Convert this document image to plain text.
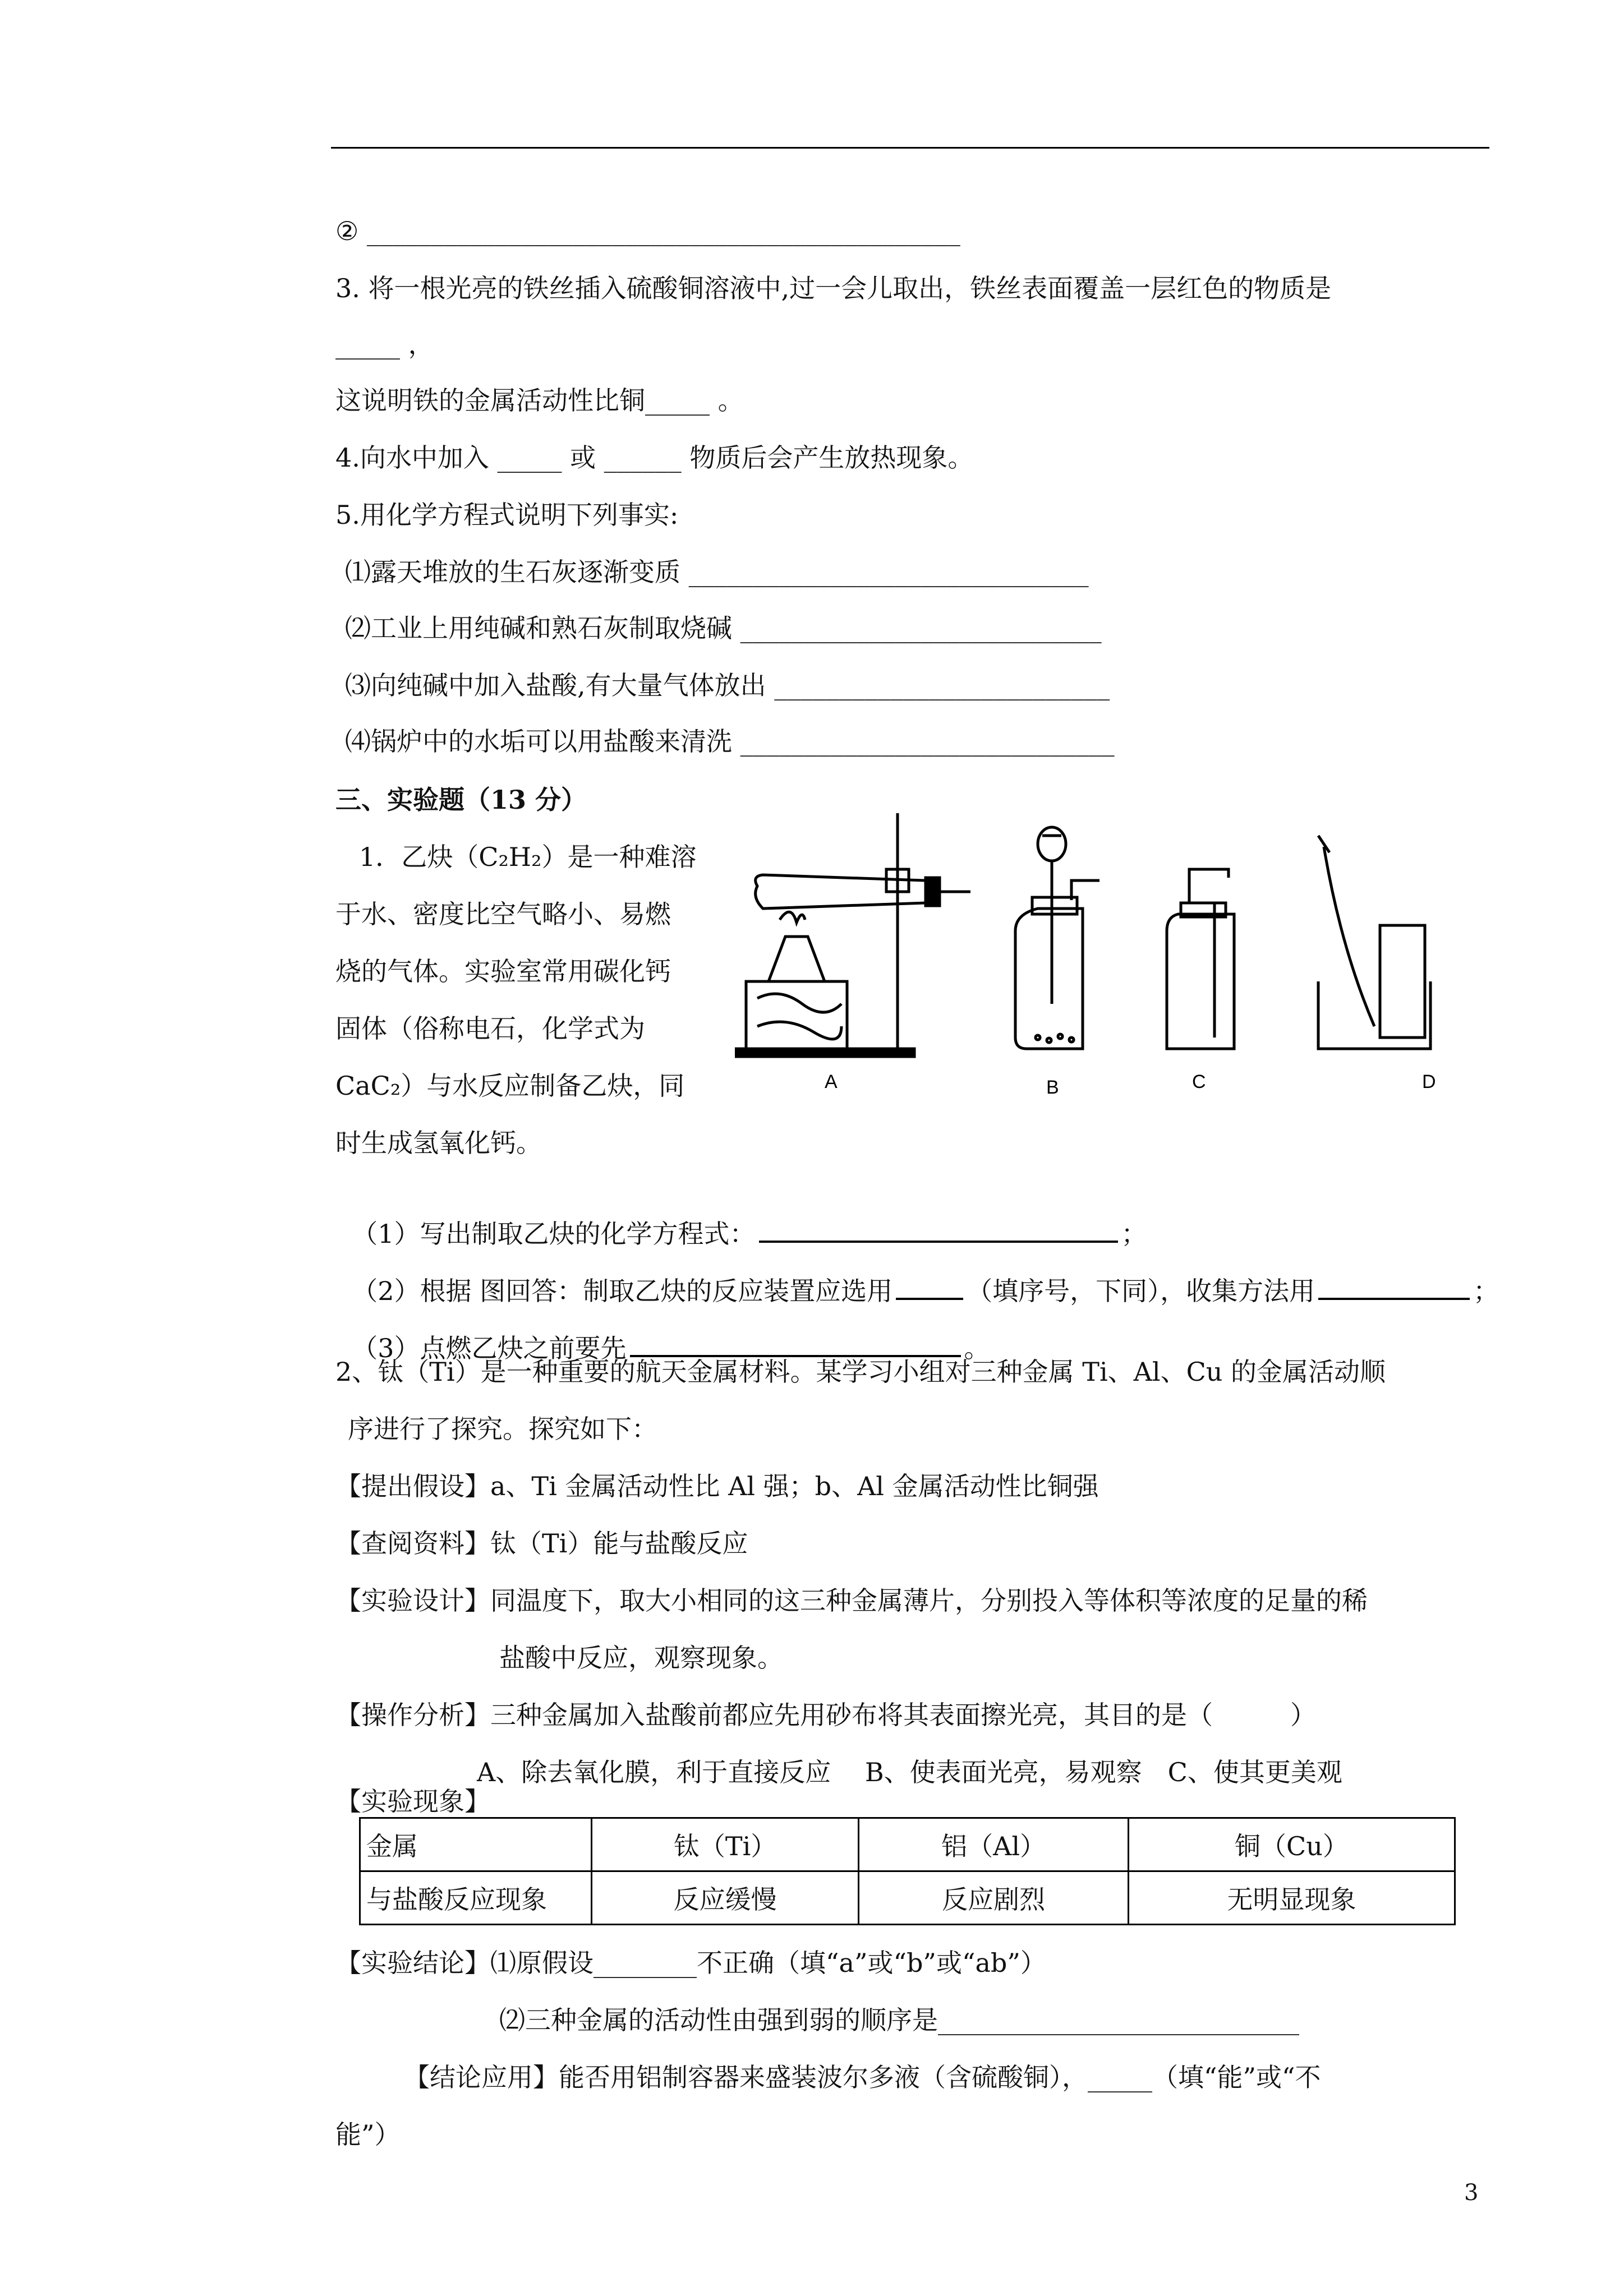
② ______________________________________________
3. 将一根光亮的铁丝插入硫酸铜溶液中,过一会儿取出，铁丝表面覆盖一层红色的物质是
_____ ，
这说明铁的金属活动性比铜_____ 。
4.向水中加入 _____ 或 ______ 物质后会产生放热现象。
5.用化学方程式说明下列事实:
⑴露天堆放的生石灰逐渐变质 _______________________________
⑵工业上用纯碱和熟石灰制取烧碱 ____________________________
⑶向纯碱中加入盐酸,有大量气体放出 __________________________
⑷锅炉中的水垢可以用盐酸来清洗 _____________________________
三、实验题（13 分）
1．乙炔（C₂H₂）是一种难溶
于水、密度比空气略小、易燃
烧的气体。实验室常用碳化钙
固体（俗称电石，化学式为
CaC₂）与水反应制备乙炔，同
时生成氢氧化钙。
A	B	C	D

（1）写出制取乙炔的化学方程式：	；

（2）根据 图回答：制取乙炔的反应装置应选用	（填序号，下同），收集方法用	；

（3）点燃乙炔之前要先	。

2、钛（Ti）是一种重要的航天金属材料。某学习小组对三种金属 Ti、Al、Cu 的金属活动顺
序进行了探究。探究如下：
【提出假设】a、Ti 金属活动性比 Al 强；b、Al 金属活动性比铜强
【查阅资料】钛（Ti）能与盐酸反应
【实验设计】同温度下，取大小相同的这三种金属薄片，分别投入等体积等浓度的足量的稀
盐酸中反应，观察现象。
【操作分析】三种金属加入盐酸前都应先用砂布将其表面擦光亮，其目的是（　　　）
A、除去氧化膜，利于直接反应　 B、使表面光亮，易观察　C、使其更美观
【实验现象】
金属	钛（Ti）	铝（Al）	铜（Cu）
与盐酸反应现象	反应缓慢	反应剧烈	无明显现象
【实验结论】⑴原假设________不正确（填“a”或“b”或“ab”）
⑵三种金属的活动性由强到弱的顺序是____________________________
【结论应用】能否用铝制容器来盛装波尔多液（含硫酸铜），_____（填“能”或“不
能”）
3
